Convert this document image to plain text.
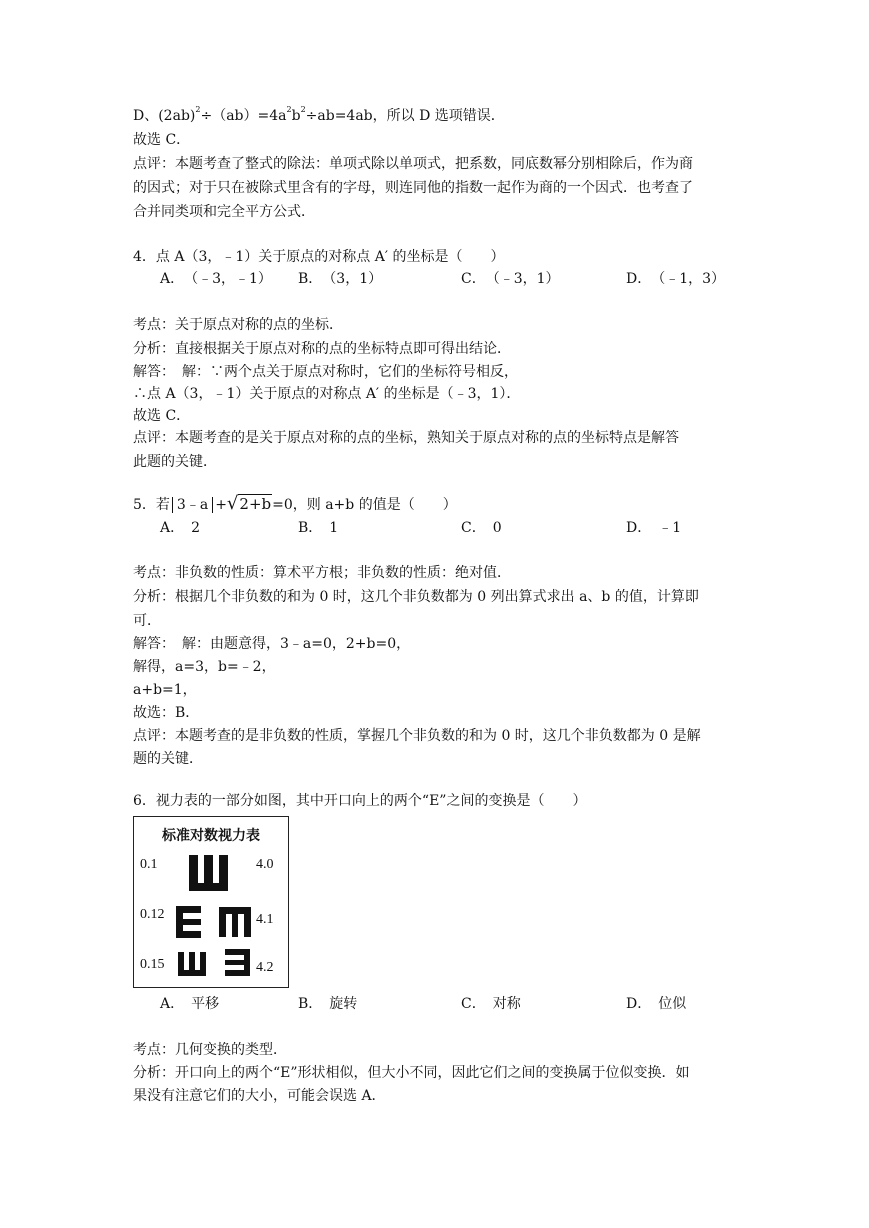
D、$(2ab)^2\div(ab)=4a^2b^2\div ab=4ab$，所以 D 选项错误．
故选 C．
点评：本题考查了整式的除法：单项式除以单项式，把系数，同底数幂分别相除后，作为商
的因式；对于只在被除式里含有的字母，则连同他的指数一起作为商的一个因式．也考查了
合并同类项和完全平方公式．
4．点 A（3，﹣1）关于原点的对称点 A′ 的坐标是（　　）
A．　（﹣3，﹣1） B．　（3，1）	C．　（﹣3，1）	D．　（﹣1，3）
考点：关于原点对称的点的坐标．
分析：直接根据关于原点对称的点的坐标特点即可得出结论．
解答：　解：∵两个点关于原点对称时，它们的坐标符号相反，
∴点 A（3，﹣1）关于原点的对称点 A′ 的坐标是（﹣3，1）．
故选 C．
点评：本题考查的是关于原点对称的点的坐标，熟知关于原点对称的点的坐标特点是解答
此题的关键．
5．若 3﹣a +√2+b=0，则 a+b 的值是（　　）
A．　2	B．　1	C．　0	D．　﹣1
考点：非负数的性质：算术平方根；非负数的性质：绝对值．
分析：根据几个非负数的和为 0 时，这几个非负数都为 0 列出算式求出 a、b 的值，计算即
可．
解答：　解：由题意得，3﹣a=0，2+b=0，
解得，a=3，b=﹣2，
a+b=1，
故选：B．
点评：本题考查的是非负数的性质，掌握几个非负数的和为 0 时，这几个非负数都为 0 是解
题的关键．
6．视力表的一部分如图，其中开口向上的两个“E”之间的变换是（　　）
标准对数视力表
0.1
0.12
0.15
4.0
4.1
4.2
A．　平移	B．　旋转	C．　对称	D．　位似
考点：几何变换的类型．
分析：开口向上的两个“E”形状相似，但大小不同，因此它们之间的变换属于位似变换．如
果没有注意它们的大小，可能会误选 A．
